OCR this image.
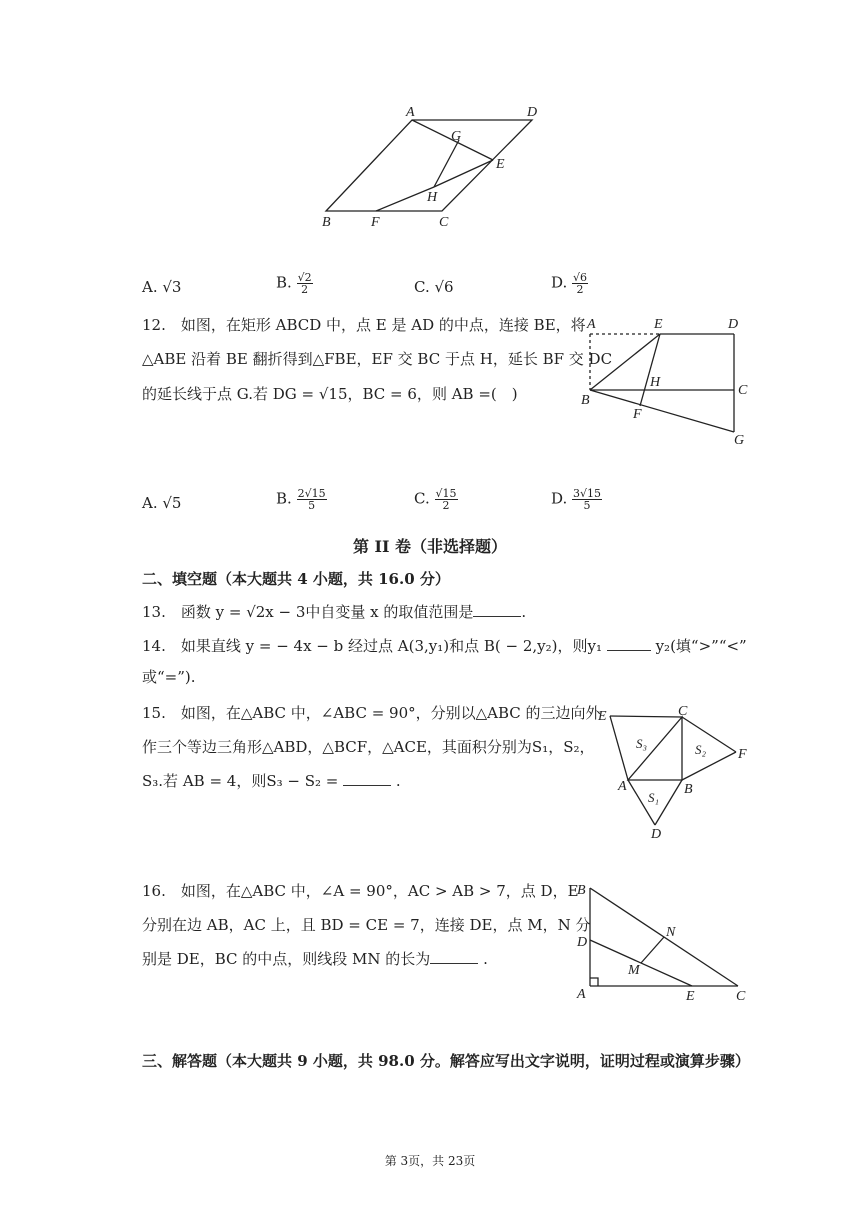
A	D
G
E
H
B	F	C
A. √3	B. $\frac{√2}{2}$	C. √6	D. $\frac{√6}{2}$
12.　如图，在矩形 ABCD 中，点 E 是 AD 的中点，连接 BE，将
△ABE 沿着 BE 翻折得到△FBE，EF 交 BC 于点 H，延长 BF 交 DC
的延长线于点 G.若 DG = √15，BC = 6，则 AB =(　)
A	E	D
H
C
B
F
G
A. √5	B. $\frac{2√15}{5}$	C. $\frac{√15}{2}$	D. $\frac{3√15}{5}$
第 II 卷（非选择题）
二、填空题（本大题共 4 小题，共 16.0 分）
13.　函数 y = √2x − 3中自变量 x 的取值范围是	.
14.　如果直线 y = − 4x − b 经过点 A(3,y₁)和点 B( − 2,y₂)，则y₁	y₂(填“>”“<”
或“=”).
15.　如图，在△ABC 中，∠ABC = 90°，分别以△ABC 的三边向外
作三个等边三角形△ABD，△BCF，△ACE，其面积分别为S₁，S₂，
S₃.若 AB = 4，则S₃ − S₂ =	.
E	C
S₃	S₂ F
A	B
S₁
D
16.　如图，在△ABC 中，∠A = 90°，AC > AB > 7，点 D，E
分别在边 AB，AC 上，且 BD = CE = 7，连接 DE，点 M，N 分
别是 DE，BC 的中点，则线段 MN 的长为	.
B
D
N
M
A	E	C
三、解答题（本大题共 9 小题，共 98.0 分。解答应写出文字说明，证明过程或演算步骤）
第 3页，共 23页
